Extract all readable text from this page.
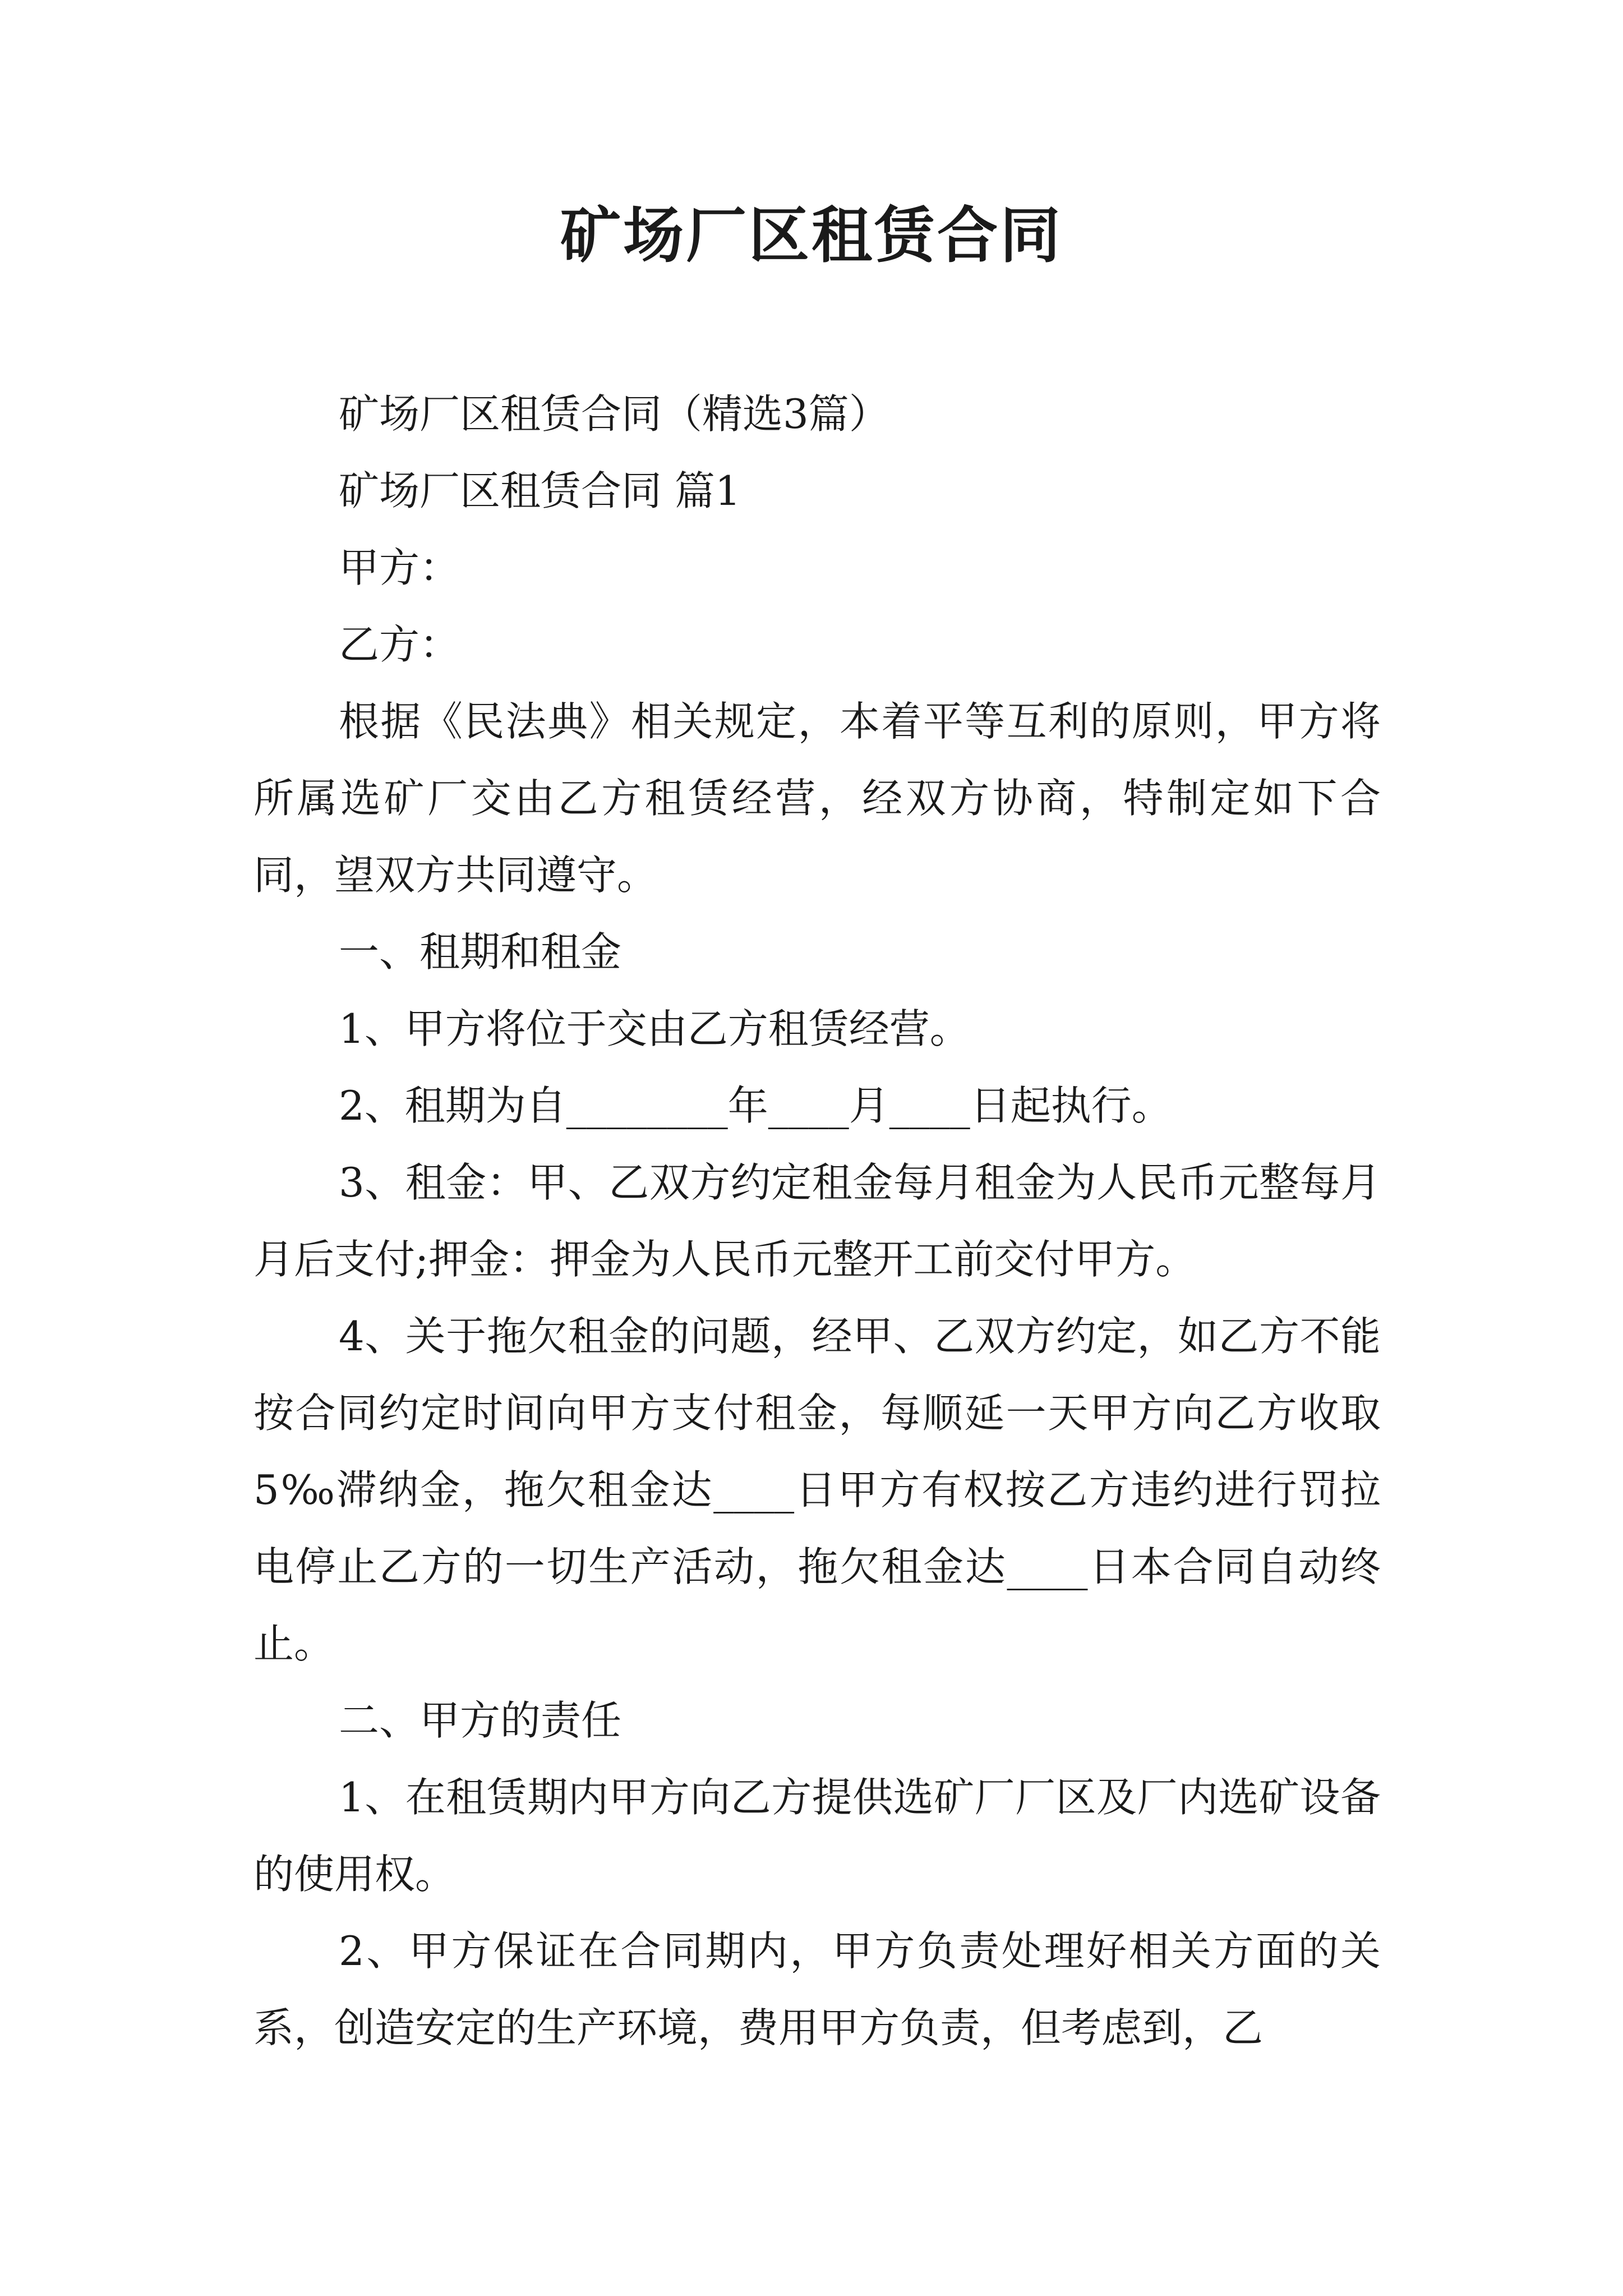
矿场厂区租赁合同

矿场厂区租赁合同（精选3篇）

矿场厂区租赁合同 篇1

甲方：

乙方：

根据《民法典》相关规定，本着平等互利的原则，甲方将所属选矿厂交由乙方租赁经营，经双方协商，特制定如下合同，望双方共同遵守。

一、租期和租金

1、甲方将位于交由乙方租赁经营。

2、租期为自________年____月____日起执行。

3、租金：甲、乙双方约定租金每月租金为人民币元整每月月后支付;押金：押金为人民币元整开工前交付甲方。

4、关于拖欠租金的问题，经甲、乙双方约定，如乙方不能按合同约定时间向甲方支付租金，每顺延一天甲方向乙方收取5‰滞纳金，拖欠租金达____日甲方有权按乙方违约进行罚拉电停止乙方的一切生产活动，拖欠租金达____日本合同自动终止。

二、甲方的责任

1、在租赁期内甲方向乙方提供选矿厂厂区及厂内选矿设备的使用权。

2、甲方保证在合同期内，甲方负责处理好相关方面的关系，创造安定的生产环境，费用甲方负责，但考虑到，乙
